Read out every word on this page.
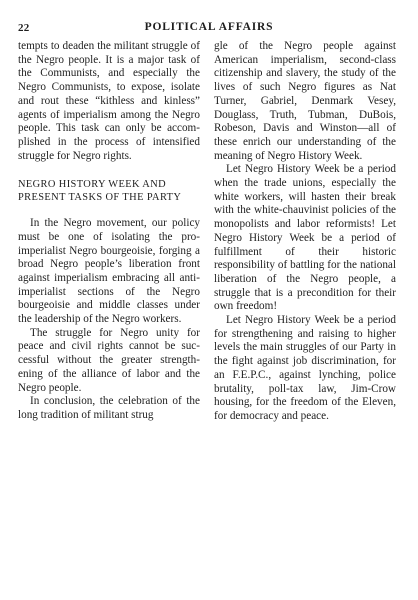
22	POLITICAL AFFAIRS

tempts to deaden the militant struggle of the Negro people. It is a major task of the Communists, and especially the Negro Communists, to expose, isolate and rout these “kithless and kinless” agents of imperialism among the Negro people. This task can only be accomplished in the process of intensified struggle for Negro rights.

NEGRO HISTORY WEEK AND PRESENT TASKS OF THE PARTY

In the Negro movement, our policy must be one of isolating the pro-imperialist Negro bourgeoisie, forging a broad Negro people’s liberation front against imperialism embracing all anti-imperialist sections of the Negro bourgeoisie and middle classes under the leadership of the Negro workers.

The struggle for Negro unity for peace and civil rights cannot be successful without the greater strengthening of the alliance of labor and the Negro people.

In conclusion, the celebration of the long tradition of militant strug

gle of the Negro people against American imperialism, second-class citizenship and slavery, the study of the lives of such Negro figures as Nat Turner, Gabriel, Denmark Vesey, Douglass, Truth, Tubman, DuBois, Robeson, Davis and Winston—all of these enrich our understanding of the meaning of Negro History Week.

Let Negro History Week be a period when the trade unions, especially the white workers, will hasten their break with the white-chauvinist policies of the monopolists and labor reformists! Let Negro History Week be a period of fulfillment of their historic responsibility of battling for the national liberation of the Negro people, a struggle that is a precondition for their own freedom!

Let Negro History Week be a period for strengthening and raising to higher levels the main struggles of our Party in the fight against job discrimination, for an F.E.P.C., against lynching, police brutality, poll-tax law, Jim-Crow housing, for the freedom of the Eleven, for democracy and peace.
